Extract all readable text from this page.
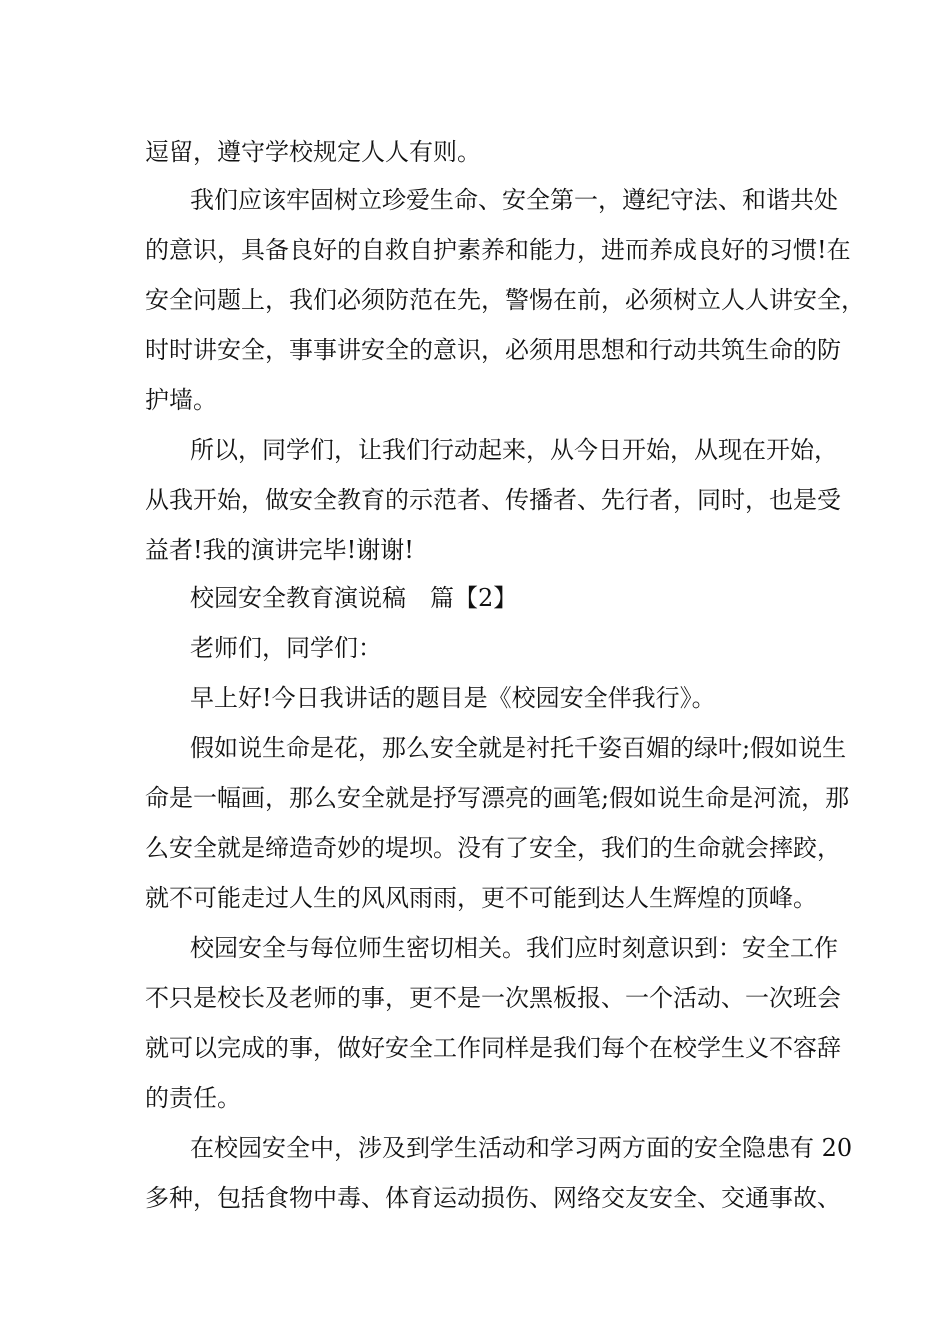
逗留，遵守学校规定人人有则。

我们应该牢固树立珍爱生命、安全第一，遵纪守法、和谐共处

的意识，具备良好的自救自护素养和能力，进而养成良好的习惯!在

安全问题上，我们必须防范在先，警惕在前，必须树立人人讲安全，

时时讲安全，事事讲安全的意识，必须用思想和行动共筑生命的防

护墙。

所以，同学们，让我们行动起来，从今日开始，从现在开始，

从我开始，做安全教育的示范者、传播者、先行者，同时，也是受

益者!我的演讲完毕!谢谢!

校园安全教育演说稿　篇【2】

老师们，同学们：

早上好!今日我讲话的题目是《校园安全伴我行》。

假如说生命是花，那么安全就是衬托千姿百媚的绿叶;假如说生

命是一幅画，那么安全就是抒写漂亮的画笔;假如说生命是河流，那

么安全就是缔造奇妙的堤坝。没有了安全，我们的生命就会摔跤，

就不可能走过人生的风风雨雨，更不可能到达人生辉煌的顶峰。

校园安全与每位师生密切相关。我们应时刻意识到：安全工作

不只是校长及老师的事，更不是一次黑板报、一个活动、一次班会

就可以完成的事，做好安全工作同样是我们每个在校学生义不容辞

的责任。

在校园安全中，涉及到学生活动和学习两方面的安全隐患有 20

多种，包括食物中毒、体育运动损伤、网络交友安全、交通事故、
